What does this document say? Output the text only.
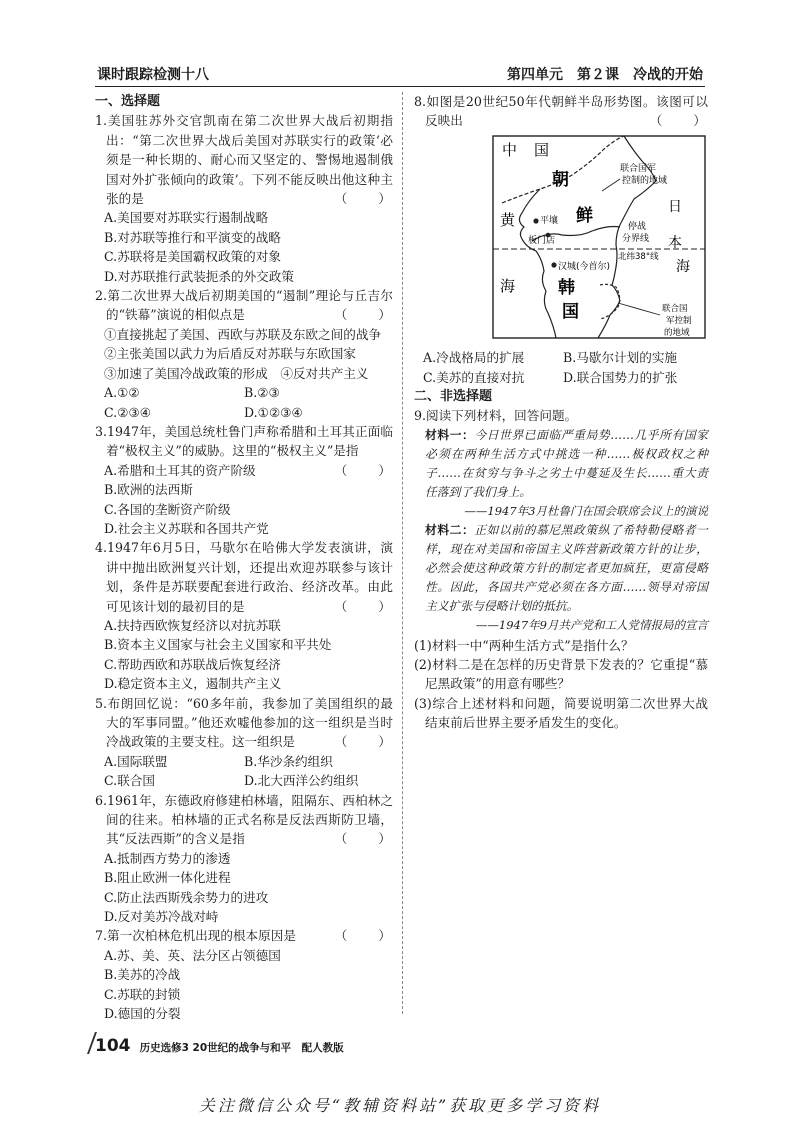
课时跟踪检测十八	第四单元　第２课　冷战的开始
一、选择题

1.美国驻苏外交官凯南在第二次世界大战后初期指出：“第二次世界大战后美国对苏联实行的政策‘必须是一种长期的、耐心而又坚定的、警惕地遏制俄国对外扩张倾向的政策’。下列不能反映出他这种主张的是	（　　）

A.美国要对苏联实行遏制战略

B.对苏联等推行和平演变的战略

C.苏联将是美国霸权政策的对象

D.对苏联推行武装扼杀的外交政策

2.第二次世界大战后初期美国的“遏制”理论与丘吉尔的“铁幕”演说的相似点是	（　　）

①直接挑起了美国、西欧与苏联及东欧之间的战争

②主张美国以武力为后盾反对苏联与东欧国家

③加速了美国冷战政策的形成　④反对共产主义

A.①②	B.②③
C.②③④	D.①②③④

3.1947年，美国总统杜鲁门声称希腊和土耳其正面临着“极权主义”的威胁。这里的“极权主义”是指
（　　）

A.希腊和土耳其的资产阶级

B.欧洲的法西斯

C.各国的垄断资产阶级

D.社会主义苏联和各国共产党

4.1947年6月5日，马歇尔在哈佛大学发表演讲，演讲中抛出欧洲复兴计划，还提出欢迎苏联参与该计划，条件是苏联要配套进行政治、经济改革。由此可见该计划的最初目的是	（　　）

A.扶持西欧恢复经济以对抗苏联

B.资本主义国家与社会主义国家和平共处

C.帮助西欧和苏联战后恢复经济

D.稳定资本主义，遏制共产主义

5.布朗回忆说：“60多年前，我参加了美国组织的最大的军事同盟。”他还欢嘘他参加的这一组织是当时冷战政策的主要支柱。这一组织是	（　　）

A.国际联盟	B.华沙条约组织
C.联合国	D.北大西洋公约组织

6.1961年，东德政府修建柏林墙，阻隔东、西柏林之间的往来。柏林墙的正式名称是反法西斯防卫墙，其“反法西斯”的含义是指	（　　）

A.抵制西方势力的渗透

B.阻止欧洲一体化进程

C.防止法西斯残余势力的进攻

D.反对美苏冷战对峙

7.第一次柏林危机出现的根本原因是	（　　）

A.苏、美、英、法分区占领德国

B.美苏的冷战

C.苏联的封锁

D.德国的分裂

8.如图是20世纪50年代朝鲜半岛形势图。该图可以反映出	（　　）

中 国
朝
鲜	日
本
黄
海
海
韩
国
平壤
板门店
停战
分界线
北纬38°线
汉城(今首尔)
联合国军
控制的地域
联合国
军控制
的地域
A.冷战格局的扩展	B.马歇尔计划的实施
C.美苏的直接对抗	D.联合国势力的扩张
二、非选择题

9.阅读下列材料，回答问题。

材料一：今日世界已面临严重局势……几乎所有国家必须在两种生活方式中挑选一种……极权政权之种子……在贫穷与争斗之劣土中蔓延及生长……重大责任落到了我们身上。

——1947年3月杜鲁门在国会联席会议上的演说

材料二：正如以前的慕尼黑政策纵了希特勒侵略者一样，现在对美国和帝国主义阵营新政策方针的让步，必然会使这种政策方针的制定者更加疯狂，更富侵略性。因此，各国共产党必须在各方面……领导对帝国主义扩张与侵略计划的抵抗。

——1947年9月共产党和工人党情报局的宣言

(1)材料一中“两种生活方式”是指什么？

(2)材料二是在怎样的历史背景下发表的？它重提“慕尼黑政策”的用意有哪些？

(3)综合上述材料和问题，简要说明第二次世界大战结束前后世界主要矛盾发生的变化。

104 历史选修3 20世纪的战争与和平　配人教版
关注微信公众号“教辅资料站”获取更多学习资料
